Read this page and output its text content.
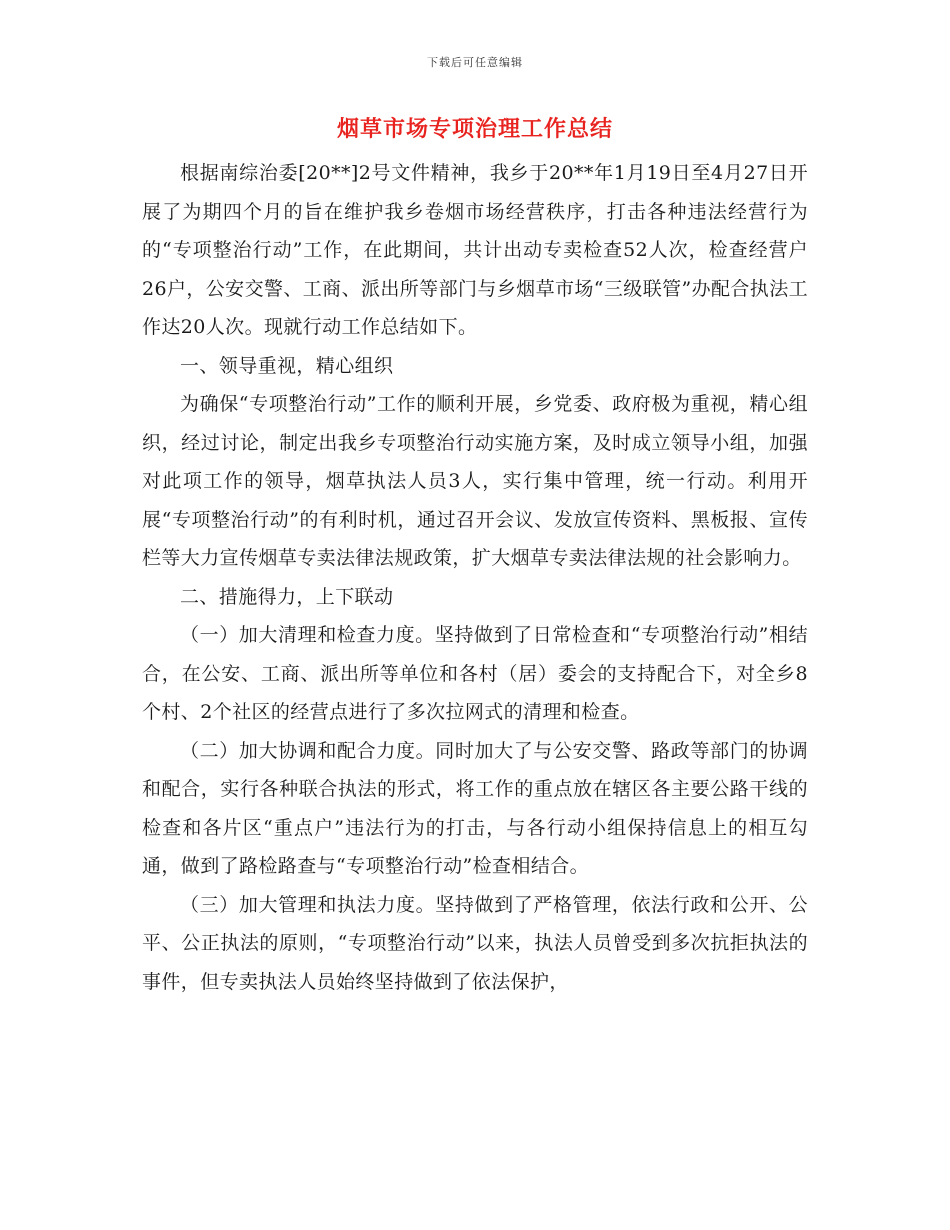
下载后可任意编辑
烟草市场专项治理工作总结

根据南综治委[20**]2号文件精神，我乡于20**年1月19日至4月27日开展了为期四个月的旨在维护我乡卷烟市场经营秩序，打击各种违法经营行为的“专项整治行动”工作，在此期间，共计出动专卖检查52人次，检查经营户26户，公安交警、工商、派出所等部门与乡烟草市场“三级联管”办配合执法工作达20人次。现就行动工作总结如下。

一、领导重视，精心组织

为确保“专项整治行动”工作的顺利开展，乡党委、政府极为重视，精心组织，经过讨论，制定出我乡专项整治行动实施方案，及时成立领导小组，加强对此项工作的领导，烟草执法人员3人，实行集中管理，统一行动。利用开展“专项整治行动”的有利时机，通过召开会议、发放宣传资料、黑板报、宣传栏等大力宣传烟草专卖法律法规政策，扩大烟草专卖法律法规的社会影响力。

二、措施得力，上下联动

（一）加大清理和检查力度。坚持做到了日常检查和“专项整治行动”相结合，在公安、工商、派出所等单位和各村（居）委会的支持配合下，对全乡8个村、2个社区的经营点进行了多次拉网式的清理和检查。

（二）加大协调和配合力度。同时加大了与公安交警、路政等部门的协调和配合，实行各种联合执法的形式，将工作的重点放在辖区各主要公路干线的检查和各片区“重点户”违法行为的打击，与各行动小组保持信息上的相互勾通，做到了路检路查与“专项整治行动”检查相结合。

（三）加大管理和执法力度。坚持做到了严格管理，依法行政和公开、公平、公正执法的原则，“专项整治行动”以来，执法人员曾受到多次抗拒执法的事件，但专卖执法人员始终坚持做到了依法保护，
